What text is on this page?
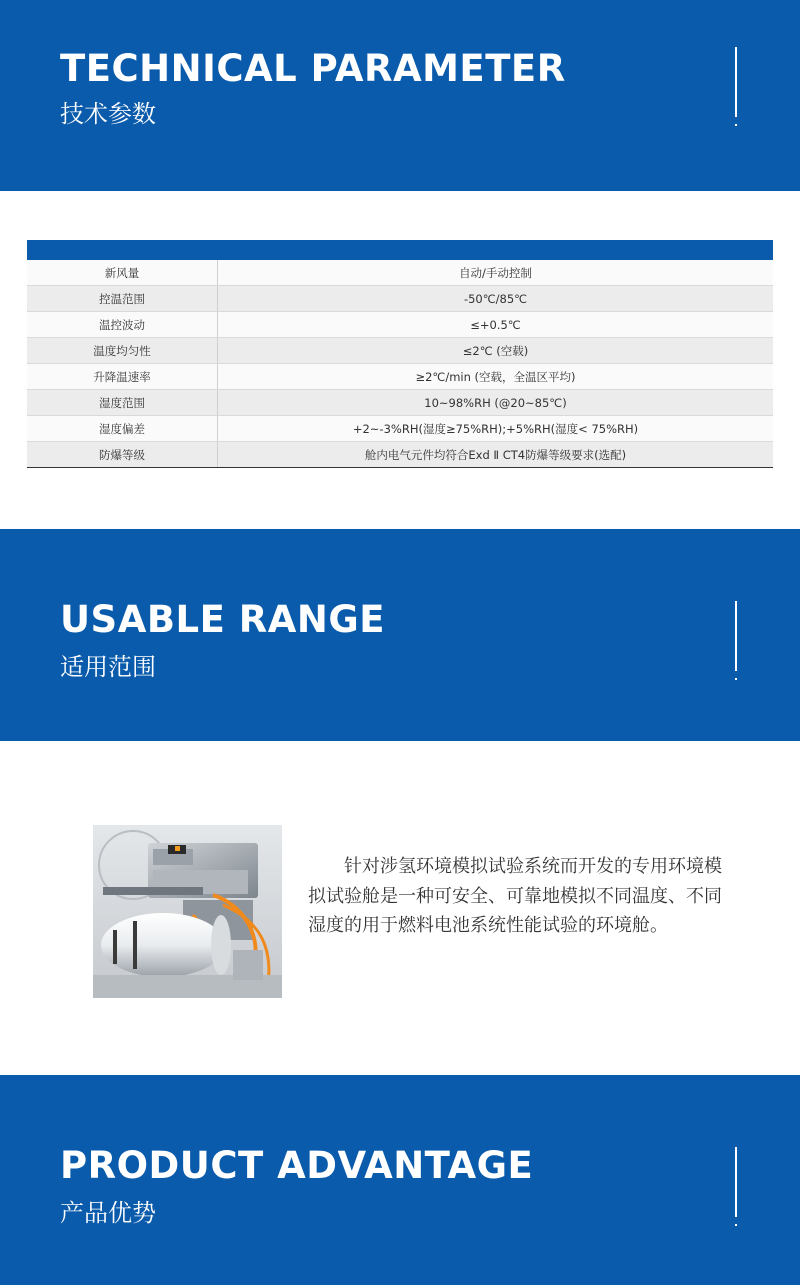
TECHNICAL PARAMETER
技术参数

新风量	自动/手动控制
控温范围	-50℃/85℃
温控波动	≤+0.5℃
温度均匀性	≤2℃ (空载)
升降温速率	≥2℃/min (空载，全温区平均)
湿度范围	10~98%RH (@20~85℃)
湿度偏差	+2~-3%RH(湿度≥75%RH);+5%RH(湿度< 75%RH)
防爆等级	舱内电气元件均符合Exd Ⅱ CT4防爆等级要求(选配)
USABLE RANGE
适用范围
针对涉氢环境模拟试验系统而开发的专用环境模拟试验舱是一种可安全、可靠地模拟不同温度、不同湿度的用于燃料电池系统性能试验的环境舱。
PRODUCT ADVANTAGE
产品优势
